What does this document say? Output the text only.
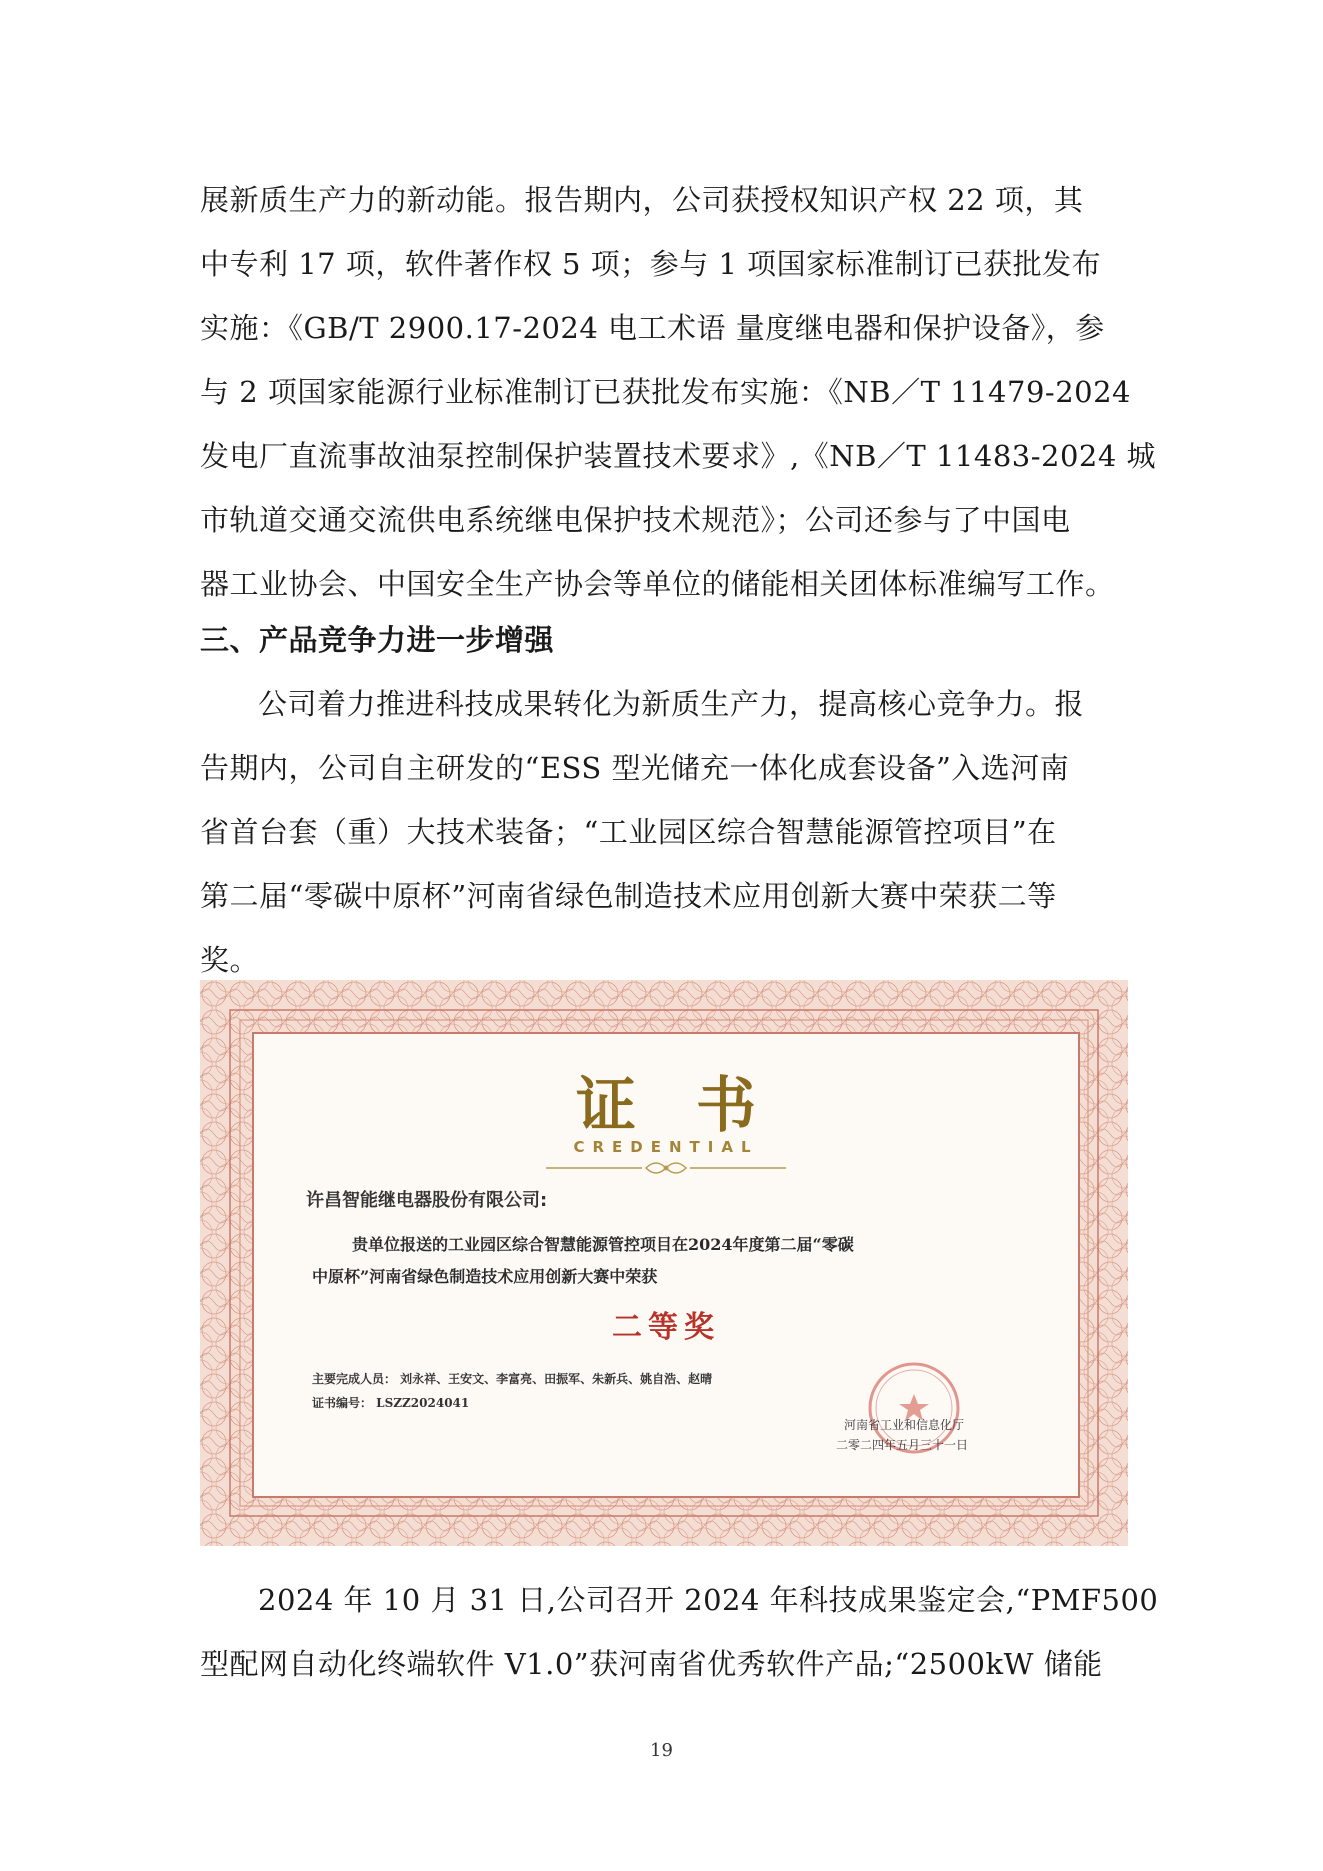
展新质生产力的新动能。报告期内，公司获授权知识产权 22 项，其
中专利 17 项，软件著作权 5 项；参与 1 项国家标准制订已获批发布
实施：《GB/T 2900.17-2024 电工术语 量度继电器和保护设备》，参
与 2 项国家能源行业标准制订已获批发布实施：《NB／T 11479-2024
发电厂直流事故油泵控制保护装置技术要求》,《NB／T 11483-2024 城
市轨道交通交流供电系统继电保护技术规范》；公司还参与了中国电
器工业协会、中国安全生产协会等单位的储能相关团体标准编写工作。
三、产品竞争力进一步增强
公司着力推进科技成果转化为新质生产力，提高核心竞争力。报
告期内，公司自主研发的“ESS 型光储充一体化成套设备”入选河南
省首台套（重）大技术装备；“工业园区综合智慧能源管控项目”在
第二届“零碳中原杯”河南省绿色制造技术应用创新大赛中荣获二等
奖。
证书
CREDENTIAL
许昌智能继电器股份有限公司:
贵单位报送的工业园区综合智慧能源管控项目在2024年度第二届“零碳
中原杯”河南省绿色制造技术应用创新大赛中荣获
二等奖
主要完成人员： 刘永祥、王安文、李富亮、田振军、朱新兵、姚自浩、赵晴
证书编号： LSZZ2024041
河南省工业和信息化厅
二零二四年五月三十一日
2024 年 10 月 31 日,公司召开 2024 年科技成果鉴定会,“PMF500
型配网自动化终端软件 V1.0”获河南省优秀软件产品;“2500kW 储能
19
